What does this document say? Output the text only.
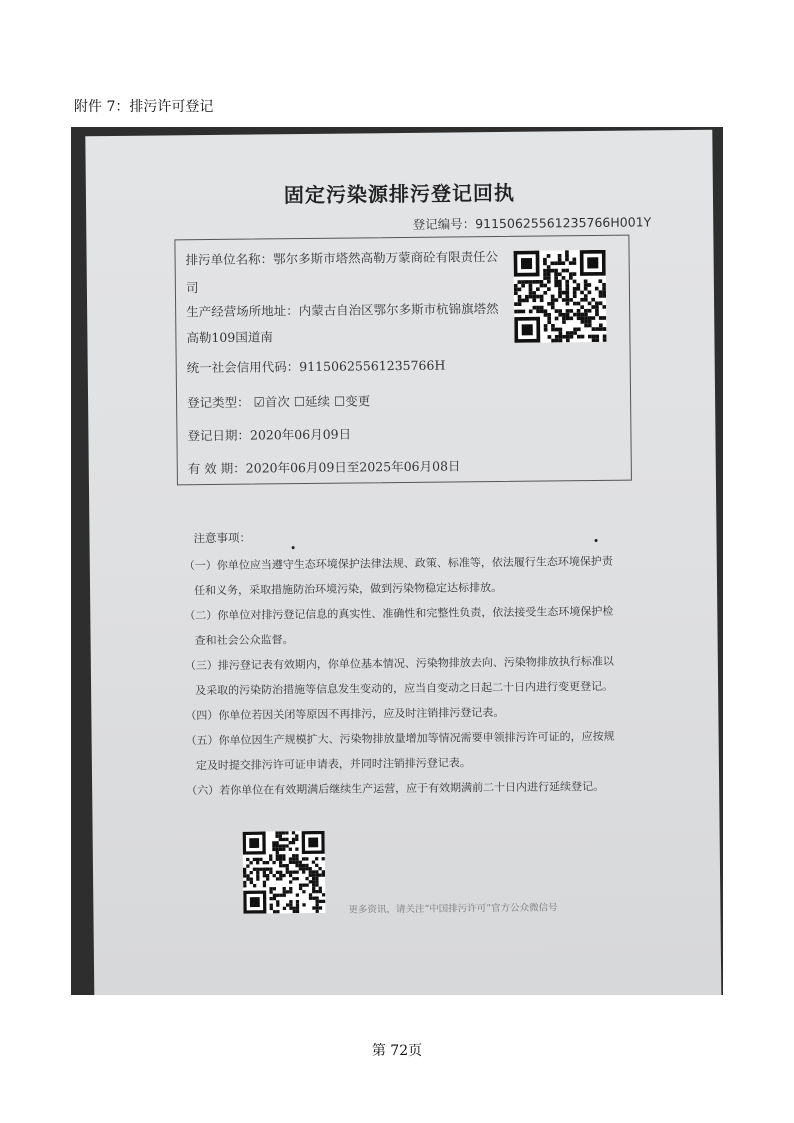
附件 7：排污许可登记
固定污染源排污登记回执
登记编号：91150625561235766H001Y
排污单位名称：鄂尔多斯市塔然高勒万蒙商砼有限责任公
司
生产经营场所地址：内蒙古自治区鄂尔多斯市杭锦旗塔然
高勒109国道南
统一社会信用代码：91150625561235766H
登记类型： ☑首次 ☐延续 ☐变更
登记日期：2020年06月09日
有 效 期：2020年06月09日至2025年06月08日
注意事项：
（一）你单位应当遵守生态环境保护法律法规、政策、标准等，依法履行生态环境保护责
任和义务，采取措施防治环境污染，做到污染物稳定达标排放。
（二）你单位对排污登记信息的真实性、准确性和完整性负责，依法接受生态环境保护检
查和社会公众监督。
（三）排污登记表有效期内，你单位基本情况、污染物排放去向、污染物排放执行标准以
及采取的污染防治措施等信息发生变动的，应当自变动之日起二十日内进行变更登记。
（四）你单位若因关闭等原因不再排污，应及时注销排污登记表。
（五）你单位因生产规模扩大、污染物排放量增加等情况需要申领排污许可证的，应按规
定及时提交排污许可证申请表，并同时注销排污登记表。
（六）若你单位在有效期满后继续生产运营，应于有效期满前二十日内进行延续登记。
更多资讯，请关注“中国排污许可”官方公众微信号
第 72页
